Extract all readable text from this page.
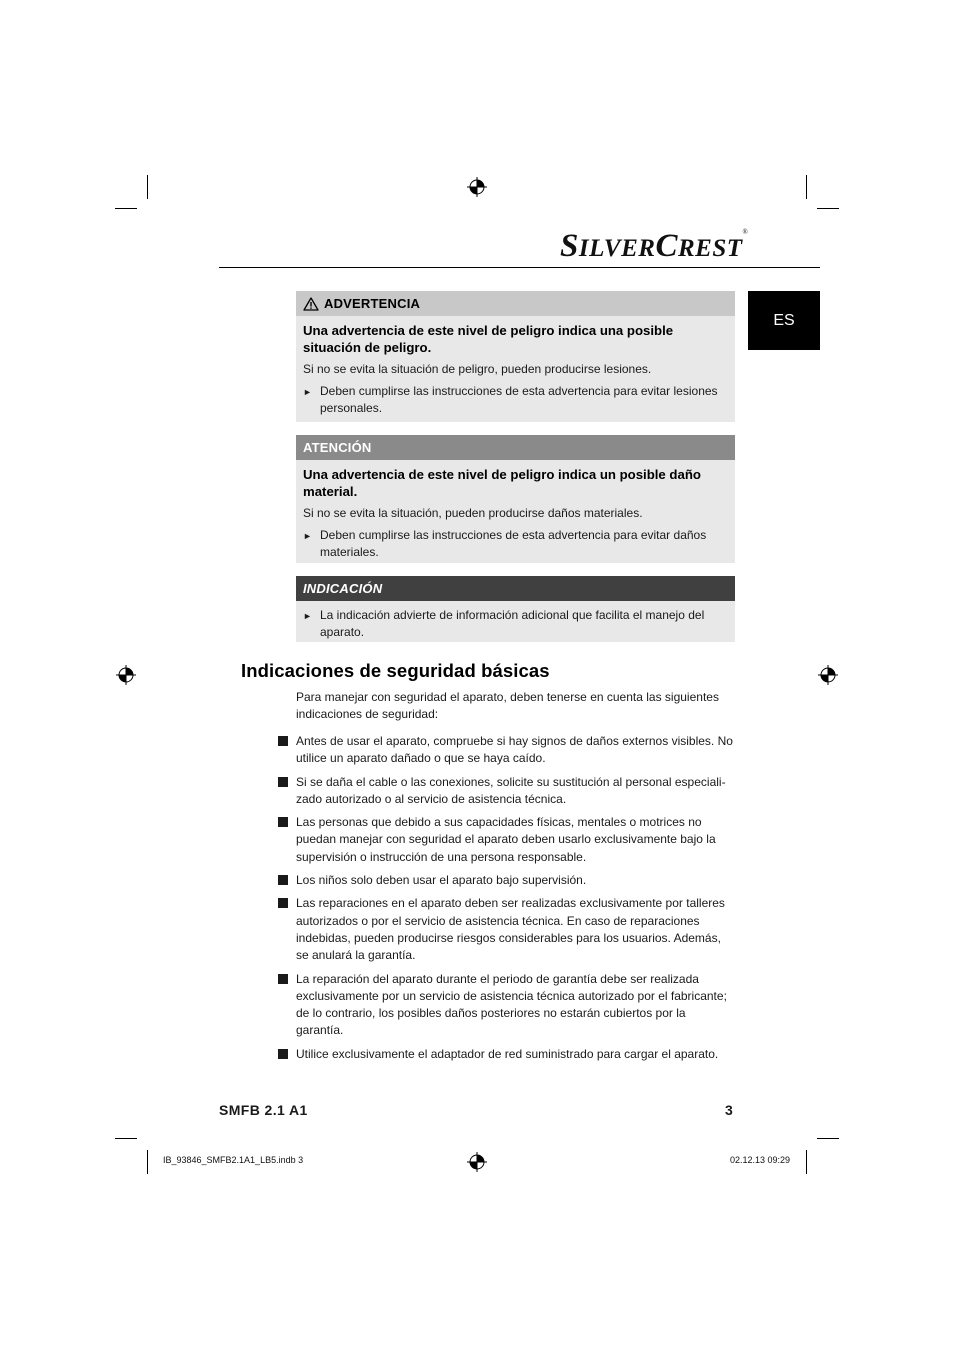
SILVERCREST®
ES
ADVERTENCIA

Una advertencia de este nivel de peligro indica una posible situación de peligro.

Si no se evita la situación de peligro, pueden producirse lesiones.

► Deben cumplirse las instrucciones de esta advertencia para evitar lesiones personales.
ATENCIÓN

Una advertencia de este nivel de peligro indica un posible daño material.

Si no se evita la situación, pueden producirse daños materiales.

► Deben cumplirse las instrucciones de esta advertencia para evitar daños materiales.
INDICACIÓN
► La indicación advierte de información adicional que facilita el manejo del aparato.
Indicaciones de seguridad básicas

Para manejar con seguridad el aparato, deben tenerse en cuenta las siguientes indicaciones de seguridad:

Antes de usar el aparato, compruebe si hay signos de daños externos visibles. No utilice un aparato dañado o que se haya caído.
Si se daña el cable o las conexiones, solicite su sustitución al personal especiali-zado autorizado o al servicio de asistencia técnica.
Las personas que debido a sus capacidades físicas, mentales o motrices no puedan manejar con seguridad el aparato deben usarlo exclusivamente bajo la supervisión o instrucción de una persona responsable.
Los niños solo deben usar el aparato bajo supervisión.
Las reparaciones en el aparato deben ser realizadas exclusivamente por talleres autorizados o por el servicio de asistencia técnica. En caso de reparaciones indebidas, pueden producirse riesgos considerables para los usuarios. Además, se anulará la garantía.
La reparación del aparato durante el periodo de garantía debe ser realizada exclusivamente por un servicio de asistencia técnica autorizado por el fabricante; de lo contrario, los posibles daños posteriores no estarán cubiertos por la garantía.
Utilice exclusivamente el adaptador de red suministrado para cargar el aparato.
SMFB 2.1 A1	3
IB_93846_SMFB2.1A1_LB5.indb 3	02.12.13 09:29
